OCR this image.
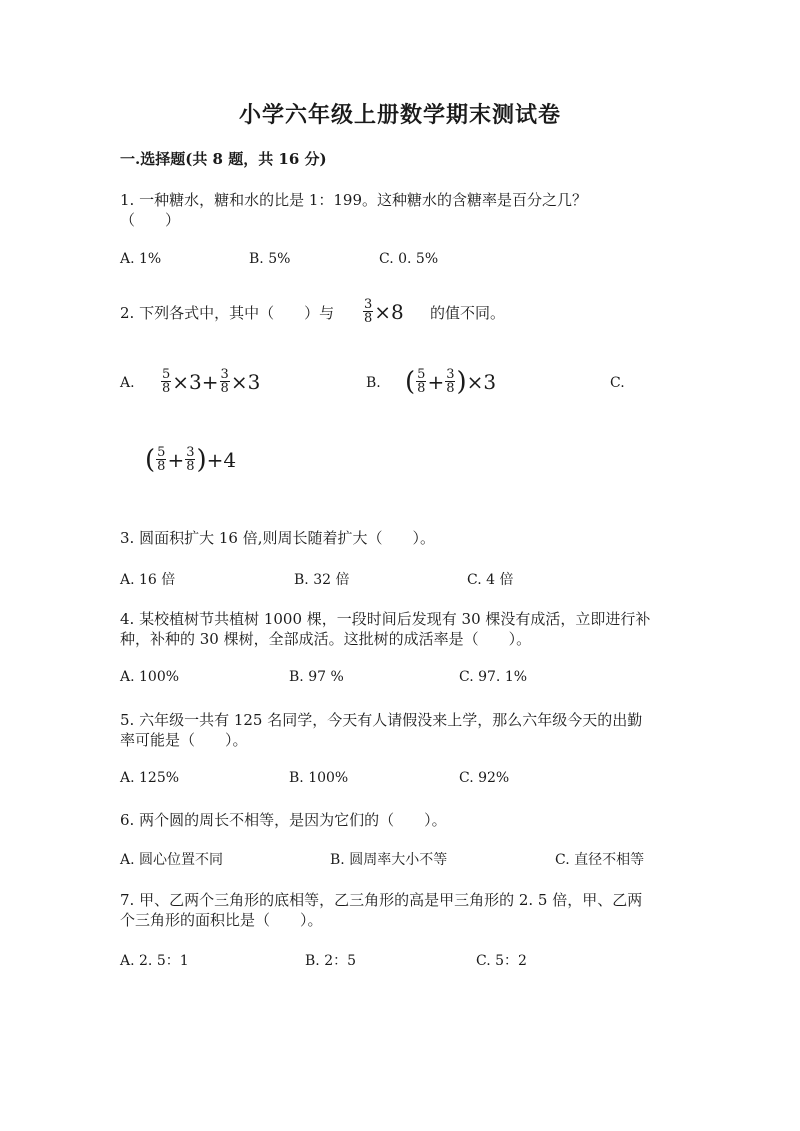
小学六年级上册数学期末测试卷
一.选择题(共 8 题，共 16 分)
1. 一种糖水，糖和水的比是 1：199。这种糖水的含糖率是百分之几？
（　　）
A. 1%	B. 5%	C. 0. 5%
2. 下列各式中，其中（　　）与 $\frac{3}{8} \times 8$ 的值不同。
A. $\frac{5}{8} \times 3+ \frac{3}{8} \times 3$	B. ( $\frac{5}{8} + \frac{3}{8}$ ) ×3	C.
( $\frac{5}{8} + \frac{3}{8}$ ) +4
3. 圆面积扩大 16 倍,则周长随着扩大（　　）。
A. 16 倍	B. 32 倍	C. 4 倍
4. 某校植树节共植树 1000 棵，一段时间后发现有 30 棵没有成活，立即进行补
种，补种的 30 棵树，全部成活。这批树的成活率是（　　）。
A. 100%	B. 97 %	C. 97. 1%
5. 六年级一共有 125 名同学，今天有人请假没来上学，那么六年级今天的出勤
率可能是（　　）。
A. 125%	B. 100%	C. 92%
6. 两个圆的周长不相等，是因为它们的（　　）。
A. 圆心位置不同	B. 圆周率大小不等	C. 直径不相等
7. 甲、乙两个三角形的底相等，乙三角形的高是甲三角形的 2. 5 倍，甲、乙两
个三角形的面积比是（　　）。
A. 2. 5：1	B. 2：5	C. 5：2
